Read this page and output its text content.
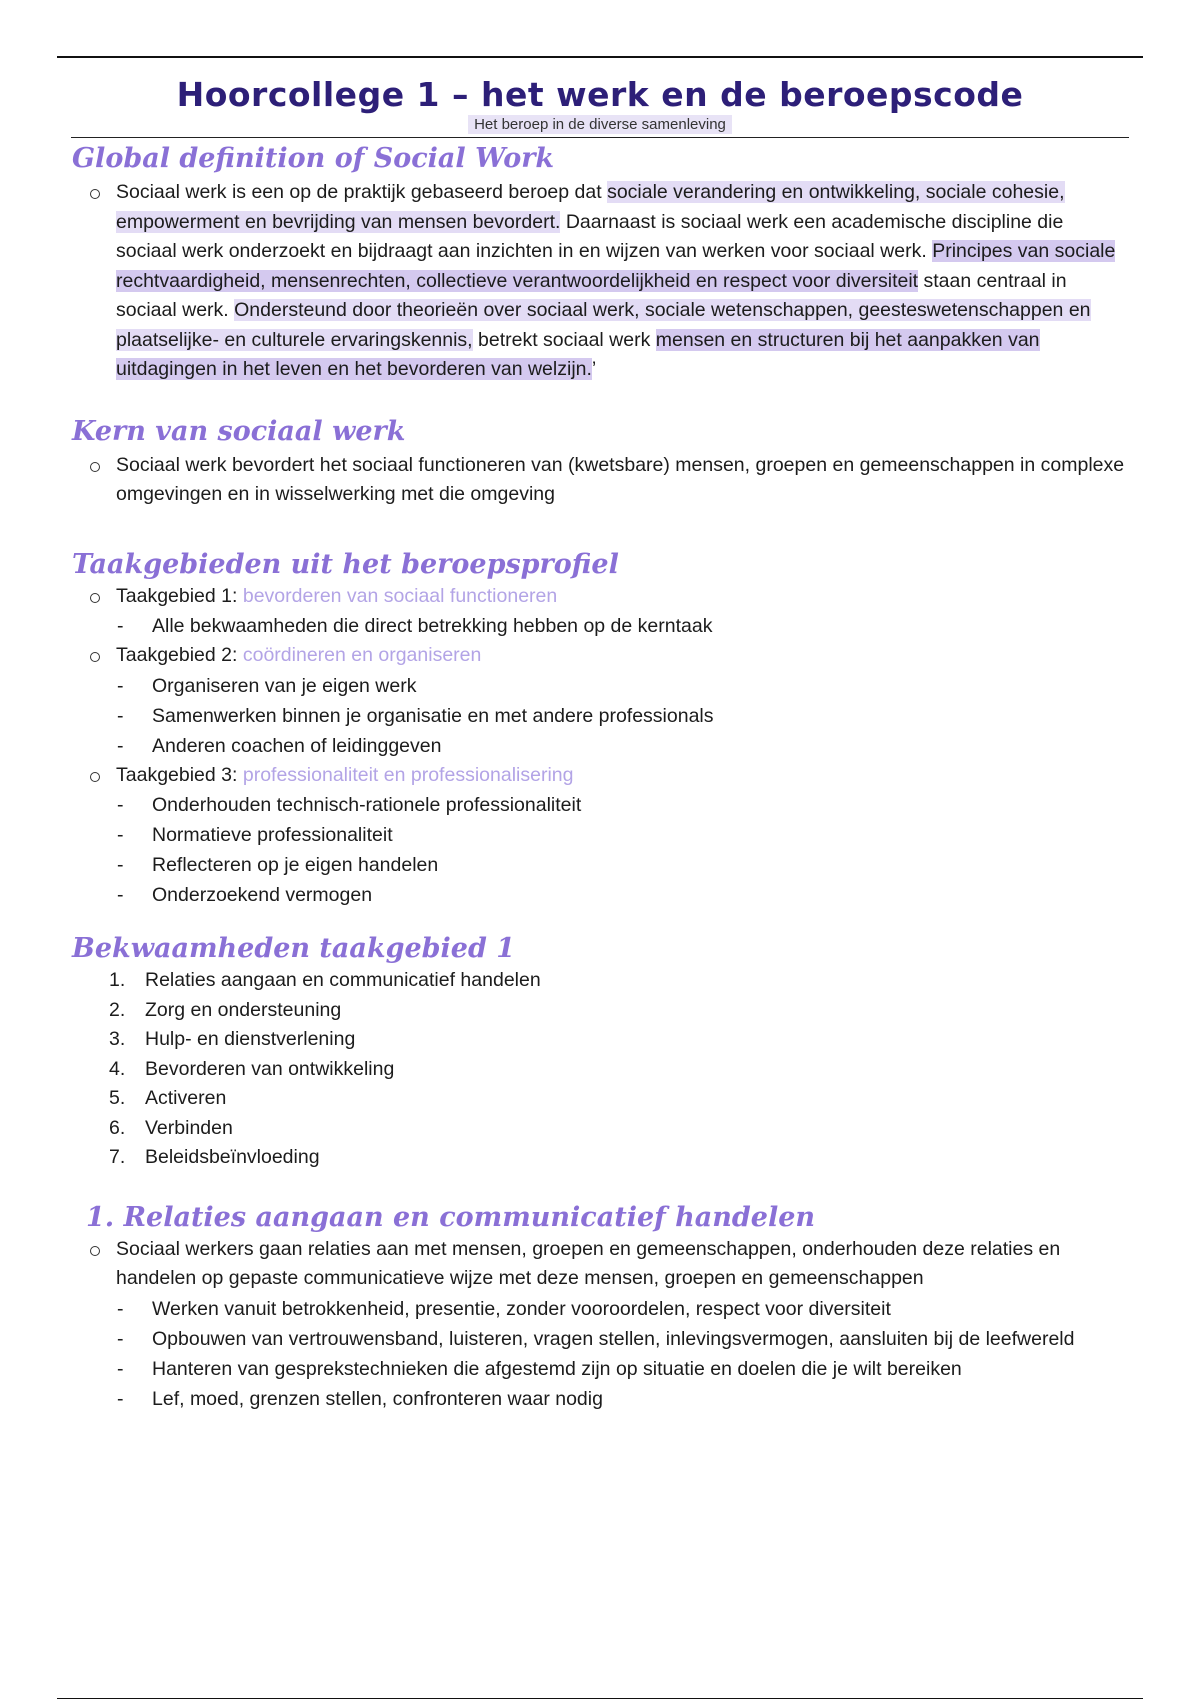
Hoorcollege 1 – het werk en de beroepscode
Het beroep in de diverse samenleving
Global definition of Social Work
Sociaal werk is een op de praktijk gebaseerd beroep dat sociale verandering en ontwikkeling, sociale cohesie, empowerment en bevrijding van mensen bevordert. Daarnaast is sociaal werk een academische discipline die sociaal werk onderzoekt en bijdraagt aan inzichten in en wijzen van werken voor sociaal werk. Principes van sociale rechtvaardigheid, mensenrechten, collectieve verantwoordelijkheid en respect voor diversiteit staan centraal in sociaal werk. Ondersteund door theorieën over sociaal werk, sociale wetenschappen, geesteswetenschappen en plaatselijke- en culturele ervaringskennis, betrekt sociaal werk mensen en structuren bij het aanpakken van uitdagingen in het leven en het bevorderen van welzijn.’
Kern van sociaal werk
Sociaal werk bevordert het sociaal functioneren van (kwetsbare) mensen, groepen en gemeenschappen in complexe omgevingen en in wisselwerking met die omgeving
Taakgebieden uit het beroepsprofiel
Taakgebied 1: bevorderen van sociaal functioneren
- Alle bekwaamheden die direct betrekking hebben op de kerntaak
Taakgebied 2: coördineren en organiseren
- Organiseren van je eigen werk
- Samenwerken binnen je organisatie en met andere professionals
- Anderen coachen of leidinggeven
Taakgebied 3: professionaliteit en professionalisering
- Onderhouden technisch-rationele professionaliteit
- Normatieve professionaliteit
- Reflecteren op je eigen handelen
- Onderzoekend vermogen
Bekwaamheden taakgebied 1
1. Relaties aangaan en communicatief handelen
2. Zorg en ondersteuning
3. Hulp- en dienstverlening
4. Bevorderen van ontwikkeling
5. Activeren
6. Verbinden
7. Beleidsbeïnvloeding
1. Relaties aangaan en communicatief handelen
Sociaal werkers gaan relaties aan met mensen, groepen en gemeenschappen, onderhouden deze relaties en handelen op gepaste communicatieve wijze met deze mensen, groepen en gemeenschappen
- Werken vanuit betrokkenheid, presentie, zonder vooroordelen, respect voor diversiteit
- Opbouwen van vertrouwensband, luisteren, vragen stellen, inlevingsvermogen, aansluiten bij de leefwereld
- Hanteren van gesprekstechnieken die afgestemd zijn op situatie en doelen die je wilt bereiken
- Lef, moed, grenzen stellen, confronteren waar nodig
